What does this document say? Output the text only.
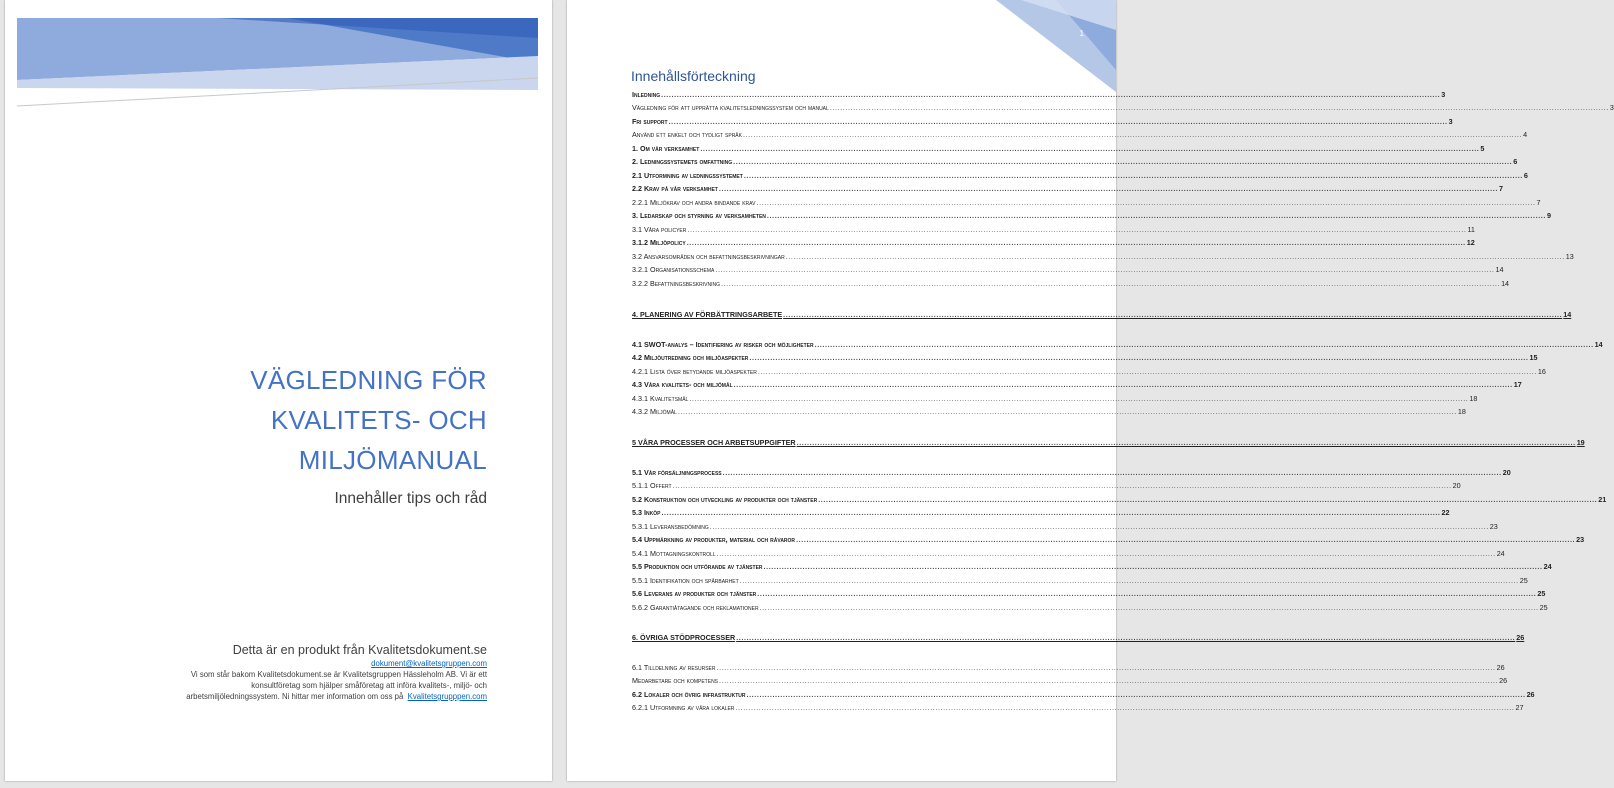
VÄGLEDNING FÖR
KVALITETS- OCH
MILJÖMANUAL
Innehåller tips och råd
Detta är en produkt från Kvalitetsdokument.se
dokument@kvalitetsgruppen.com
Vi som står bakom Kvalitetsdokument.se är Kvalitetsgruppen Hässleholm AB. Vi är ett
konsultföretag som hjälper småföretag att införa kvalitets-, miljö- och
arbetsmiljöledningssystem. Ni hittar mer information om oss på Kvalitetsgrupppen.com
1
Innehållsförteckning
Inledning ............................................................................................................................................................................................................................................................................................................ 3
Vägledning för att upprätta kvalitetsledningssystem och manual ............................................................................................................................................................................................................................................................................................................ 3
Fri support ............................................................................................................................................................................................................................................................................................................ 3
Använd ett enkelt och tydligt språk ............................................................................................................................................................................................................................................................................................................ 4
1. Om vår verksamhet ............................................................................................................................................................................................................................................................................................................ 5
2. Ledningssystemets omfattning ............................................................................................................................................................................................................................................................................................................ 6
2.1 Utformning av ledningssystemet ............................................................................................................................................................................................................................................................................................................ 6
2.2 Krav på vår verksamhet ............................................................................................................................................................................................................................................................................................................ 7
2.2.1 Miljökrav och andra bindande krav ............................................................................................................................................................................................................................................................................................................ 7
3. Ledarskap och styrning av verksamheten ............................................................................................................................................................................................................................................................................................................ 9
3.1 Våra policyer ............................................................................................................................................................................................................................................................................................................ 11
3.1.2 Miljöpolicy ............................................................................................................................................................................................................................................................................................................ 12
3.2 Ansvarsområden och befattningsbeskrivningar ............................................................................................................................................................................................................................................................................................................ 13
3.2.1 Organisationsschema ............................................................................................................................................................................................................................................................................................................ 14
3.2.2 Befattningsbeskrivning ............................................................................................................................................................................................................................................................................................................ 14
4. PLANERING AV FÖRBÄTTRINGSARBETE ............................................................................................................................................................................................................................................................................................................ 14
4.1 SWOT-analys – Identifiering av risker och möjligheter ............................................................................................................................................................................................................................................................................................................ 14
4.2 Miljöutredning och miljöaspekter ............................................................................................................................................................................................................................................................................................................ 15
4.2.1 Lista över betydande miljöaspekter ............................................................................................................................................................................................................................................................................................................ 16
4.3 Våra kvalitets- och miljömål ............................................................................................................................................................................................................................................................................................................ 17
4.3.1 Kvalitetsmål ............................................................................................................................................................................................................................................................................................................ 18
4.3.2 Miljömål ............................................................................................................................................................................................................................................................................................................ 18
5 VÅRA PROCESSER OCH ARBETSUPPGIFTER ............................................................................................................................................................................................................................................................................................................ 19
5.1 Vår försäljningsprocess ............................................................................................................................................................................................................................................................................................................ 20
5.1.1 Offert ............................................................................................................................................................................................................................................................................................................ 20
5.2 Konstruktion och utveckling av produkter och tjänster ............................................................................................................................................................................................................................................................................................................ 21
5.3 Inköp ............................................................................................................................................................................................................................................................................................................ 22
5.3.1 Leveransbedömning ............................................................................................................................................................................................................................................................................................................ 23
5.4 Uppmärkning av produkter, material och råvaror ............................................................................................................................................................................................................................................................................................................ 23
5.4.1 Mottagningskontroll ............................................................................................................................................................................................................................................................................................................ 24
5.5 Produktion och utförande av tjänster ............................................................................................................................................................................................................................................................................................................ 24
5.5.1 Identifikation och spårbarhet ............................................................................................................................................................................................................................................................................................................ 25
5.6 Leverans av produkter och tjänster ............................................................................................................................................................................................................................................................................................................ 25
5.6.2 Garantiåtagande och reklamationer ............................................................................................................................................................................................................................................................................................................ 25
6. ÖVRIGA STÖDPROCESSER ............................................................................................................................................................................................................................................................................................................ 26
6.1 Tilldelning av resurser ............................................................................................................................................................................................................................................................................................................ 26
Medarbetare och kompetens ............................................................................................................................................................................................................................................................................................................ 26
6.2 Lokaler och övrig infrastruktur ............................................................................................................................................................................................................................................................................................................ 26
6.2.1 Utformning av våra lokaler ............................................................................................................................................................................................................................................................................................................ 27
